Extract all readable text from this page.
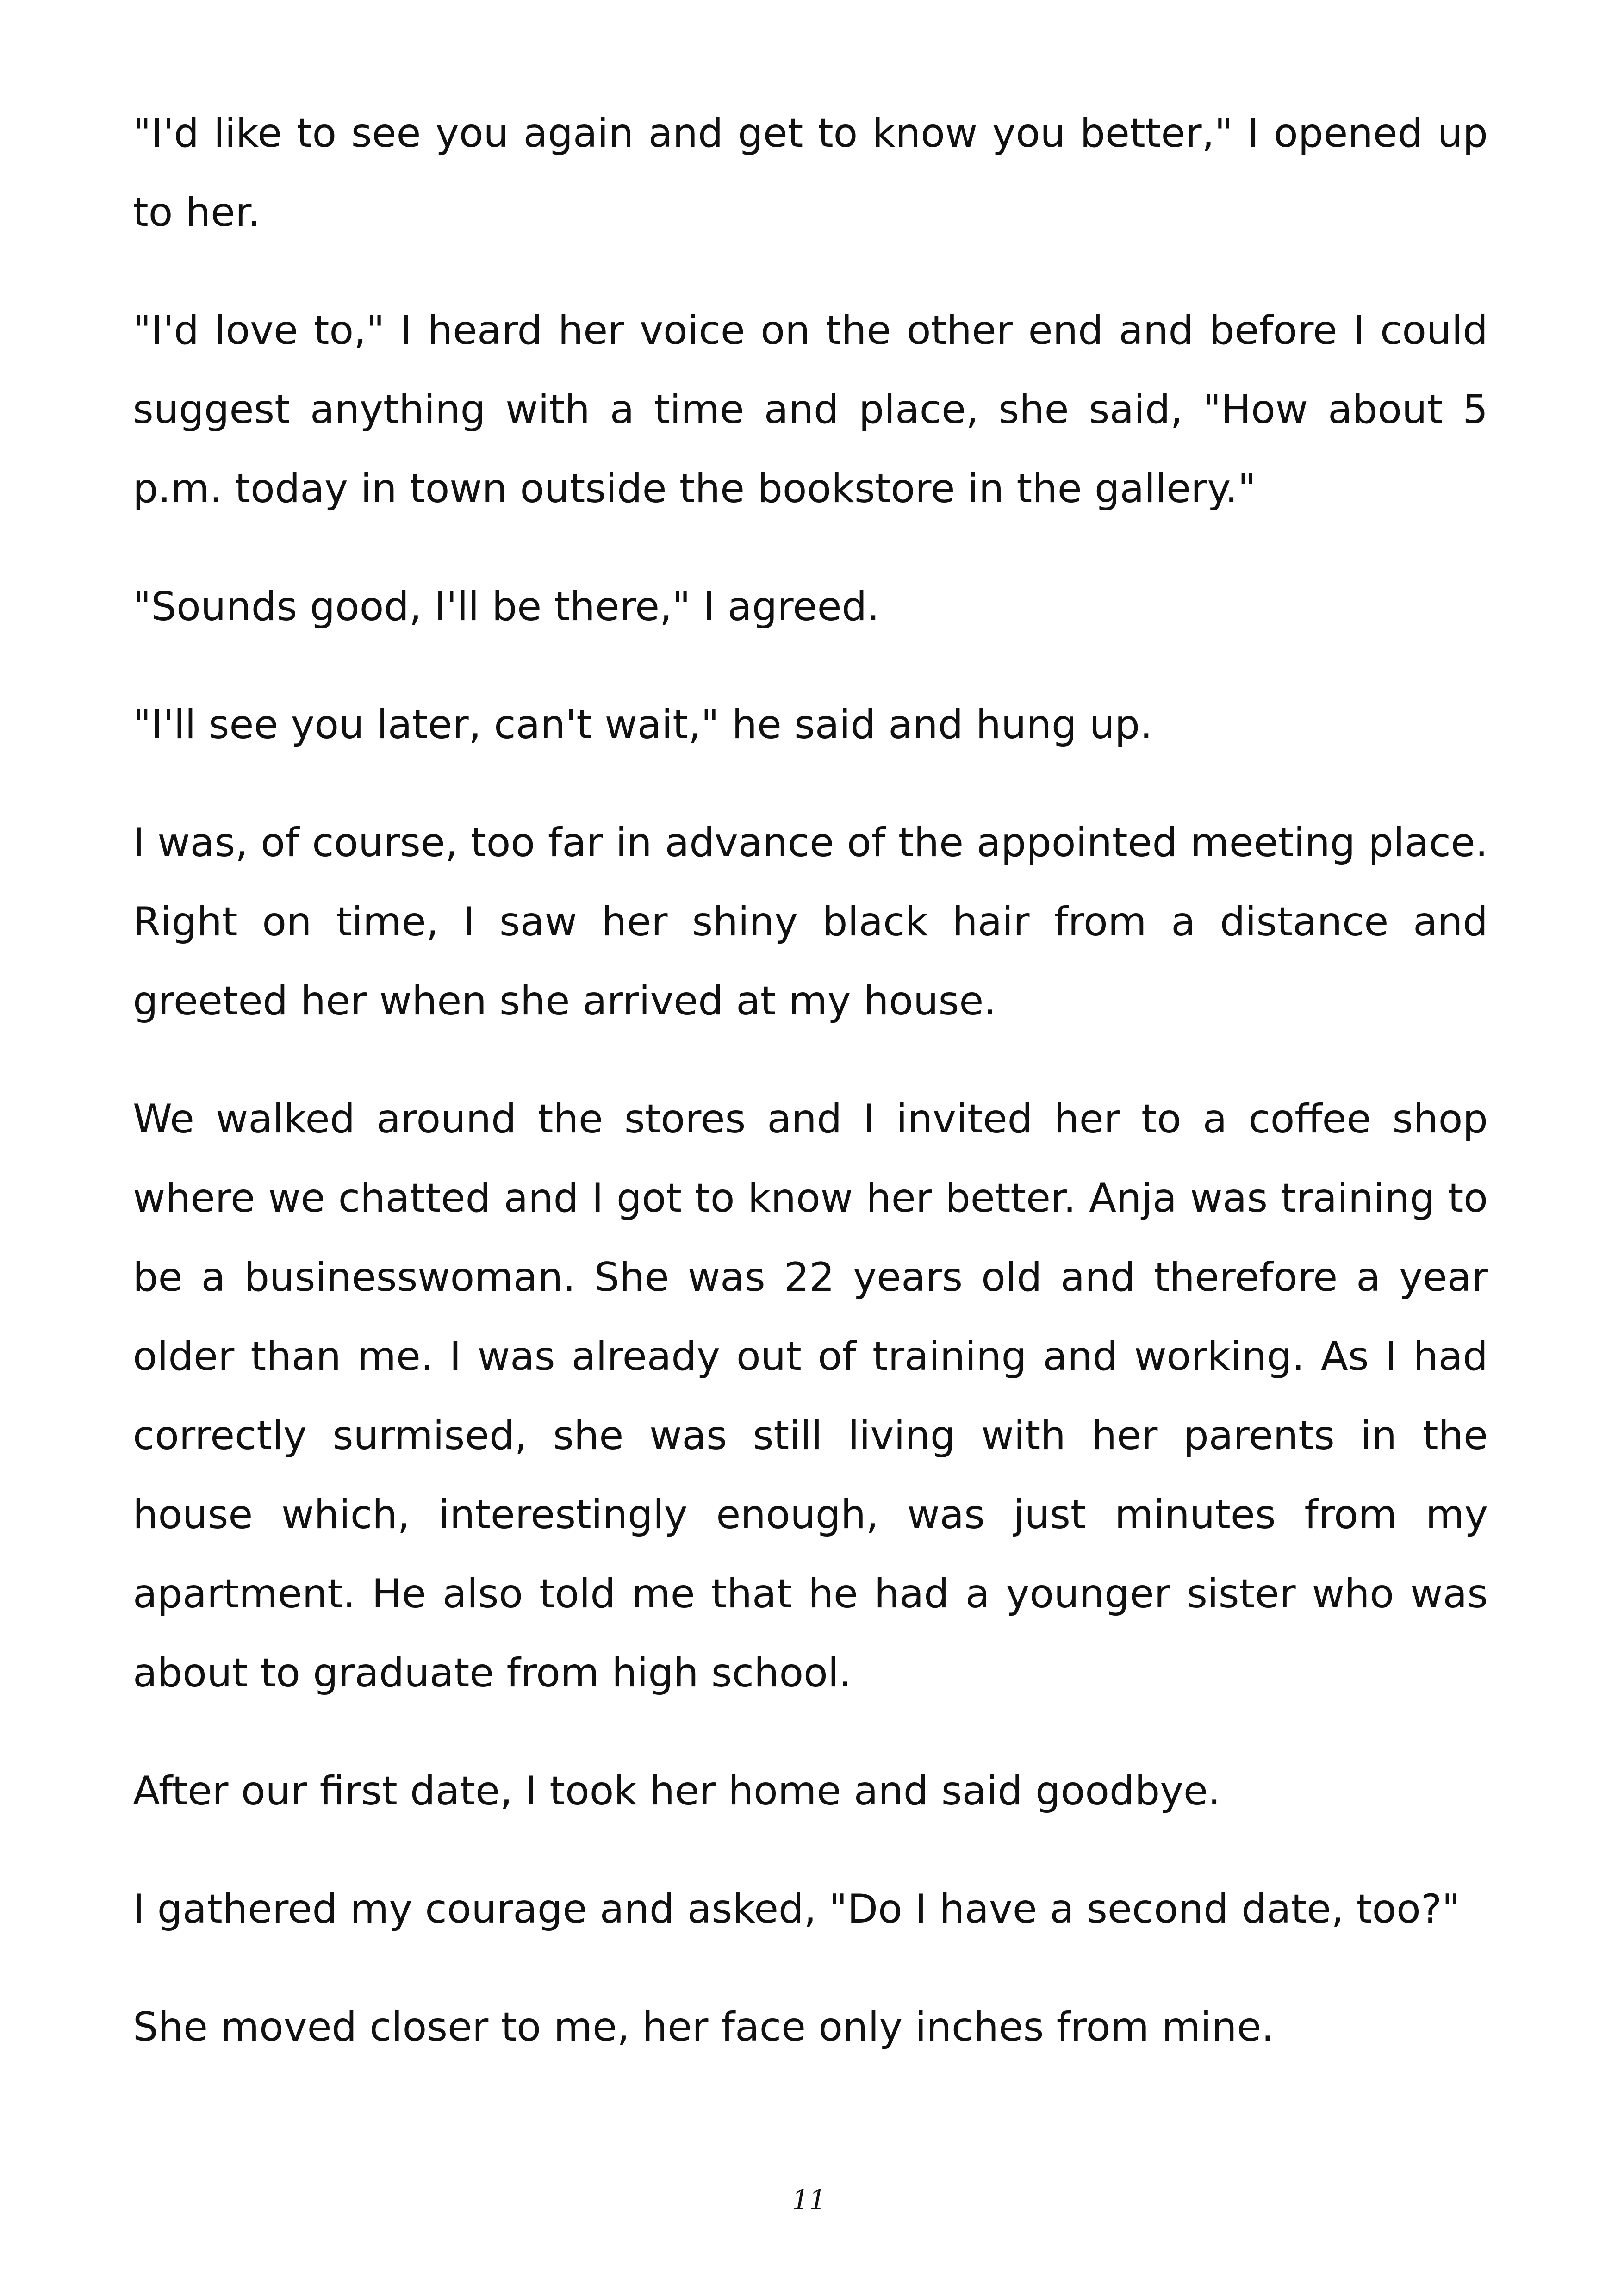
"I'd like to see you again and get to know you better," I opened up to her.

"I'd love to," I heard her voice on the other end and before I could suggest anything with a time and place, she said, "How about 5 p.m. today in town outside the bookstore in the gallery."

"Sounds good, I'll be there," I agreed.

"I'll see you later, can't wait," he said and hung up.

I was, of course, too far in advance of the appointed meeting place. Right on time, I saw her shiny black hair from a distance and greeted her when she arrived at my house.

We walked around the stores and I invited her to a coffee shop where we chatted and I got to know her better. Anja was training to be a businesswoman. She was 22 years old and therefore a year older than me. I was already out of training and working. As I had correctly surmised, she was still living with her parents in the house which, interestingly enough, was just minutes from my apartment. He also told me that he had a younger sister who was about to graduate from high school.

After our first date, I took her home and said goodbye.

I gathered my courage and asked, "Do I have a second date, too?"

She moved closer to me, her face only inches from mine.

11
